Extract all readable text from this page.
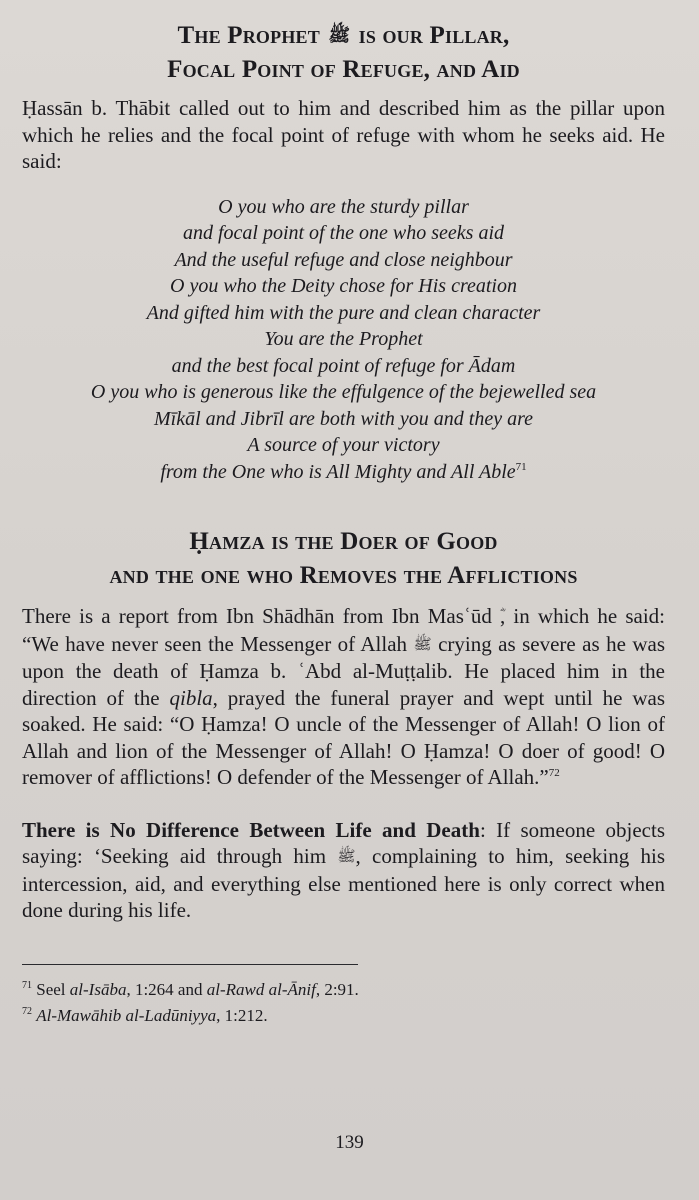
The Prophet ﷺ is our Pillar,
Focal Point of Refuge, and Aid

Ḥassān b. Thābit called out to him and described him as the pillar upon which he relies and the focal point of refuge with whom he seeks aid. He said:

O you who are the sturdy pillar
and focal point of the one who seeks aid
And the useful refuge and close neighbour
O you who the Deity chose for His creation
And gifted him with the pure and clean character
You are the Prophet
and the best focal point of refuge for Ādam
O you who is generous like the effulgence of the bejewelled sea
Mīkāl and Jibrīl are both with you and they are
A source of your victory
from the One who is All Mighty and All Able$^{71}$
Ḥamza is the Doer of Good
and the one who Removes the Afflictions

There is a report from Ibn Shādhān from Ibn Masʿūd , in which he said: “We have never seen the Messenger of Allah ﷺ crying as severe as he was upon the death of Ḥamza b. ʿAbd al-Muṭṭalib. He placed him in the direction of the qibla, prayed the funeral prayer and wept until he was soaked. He said: “O Ḥamza! O uncle of the Messenger of Allah! O lion of Allah and lion of the Messenger of Allah! O Ḥamza! O doer of good! O remover of afflictions! O defender of the Messenger of Allah.”$^{72}$

There is No Difference Between Life and Death: If someone objects saying: ‘Seeking aid through him ﷺ, complaining to him, seeking his intercession, aid, and everything else mentioned here is only correct when done during his life.

$^{71}$ Seel al-Isāba, 1:264 and al-Rawd al-Ānif, 2:91.

$^{72}$ Al-Mawāhib al-Ladūniyya, 1:212.

139
